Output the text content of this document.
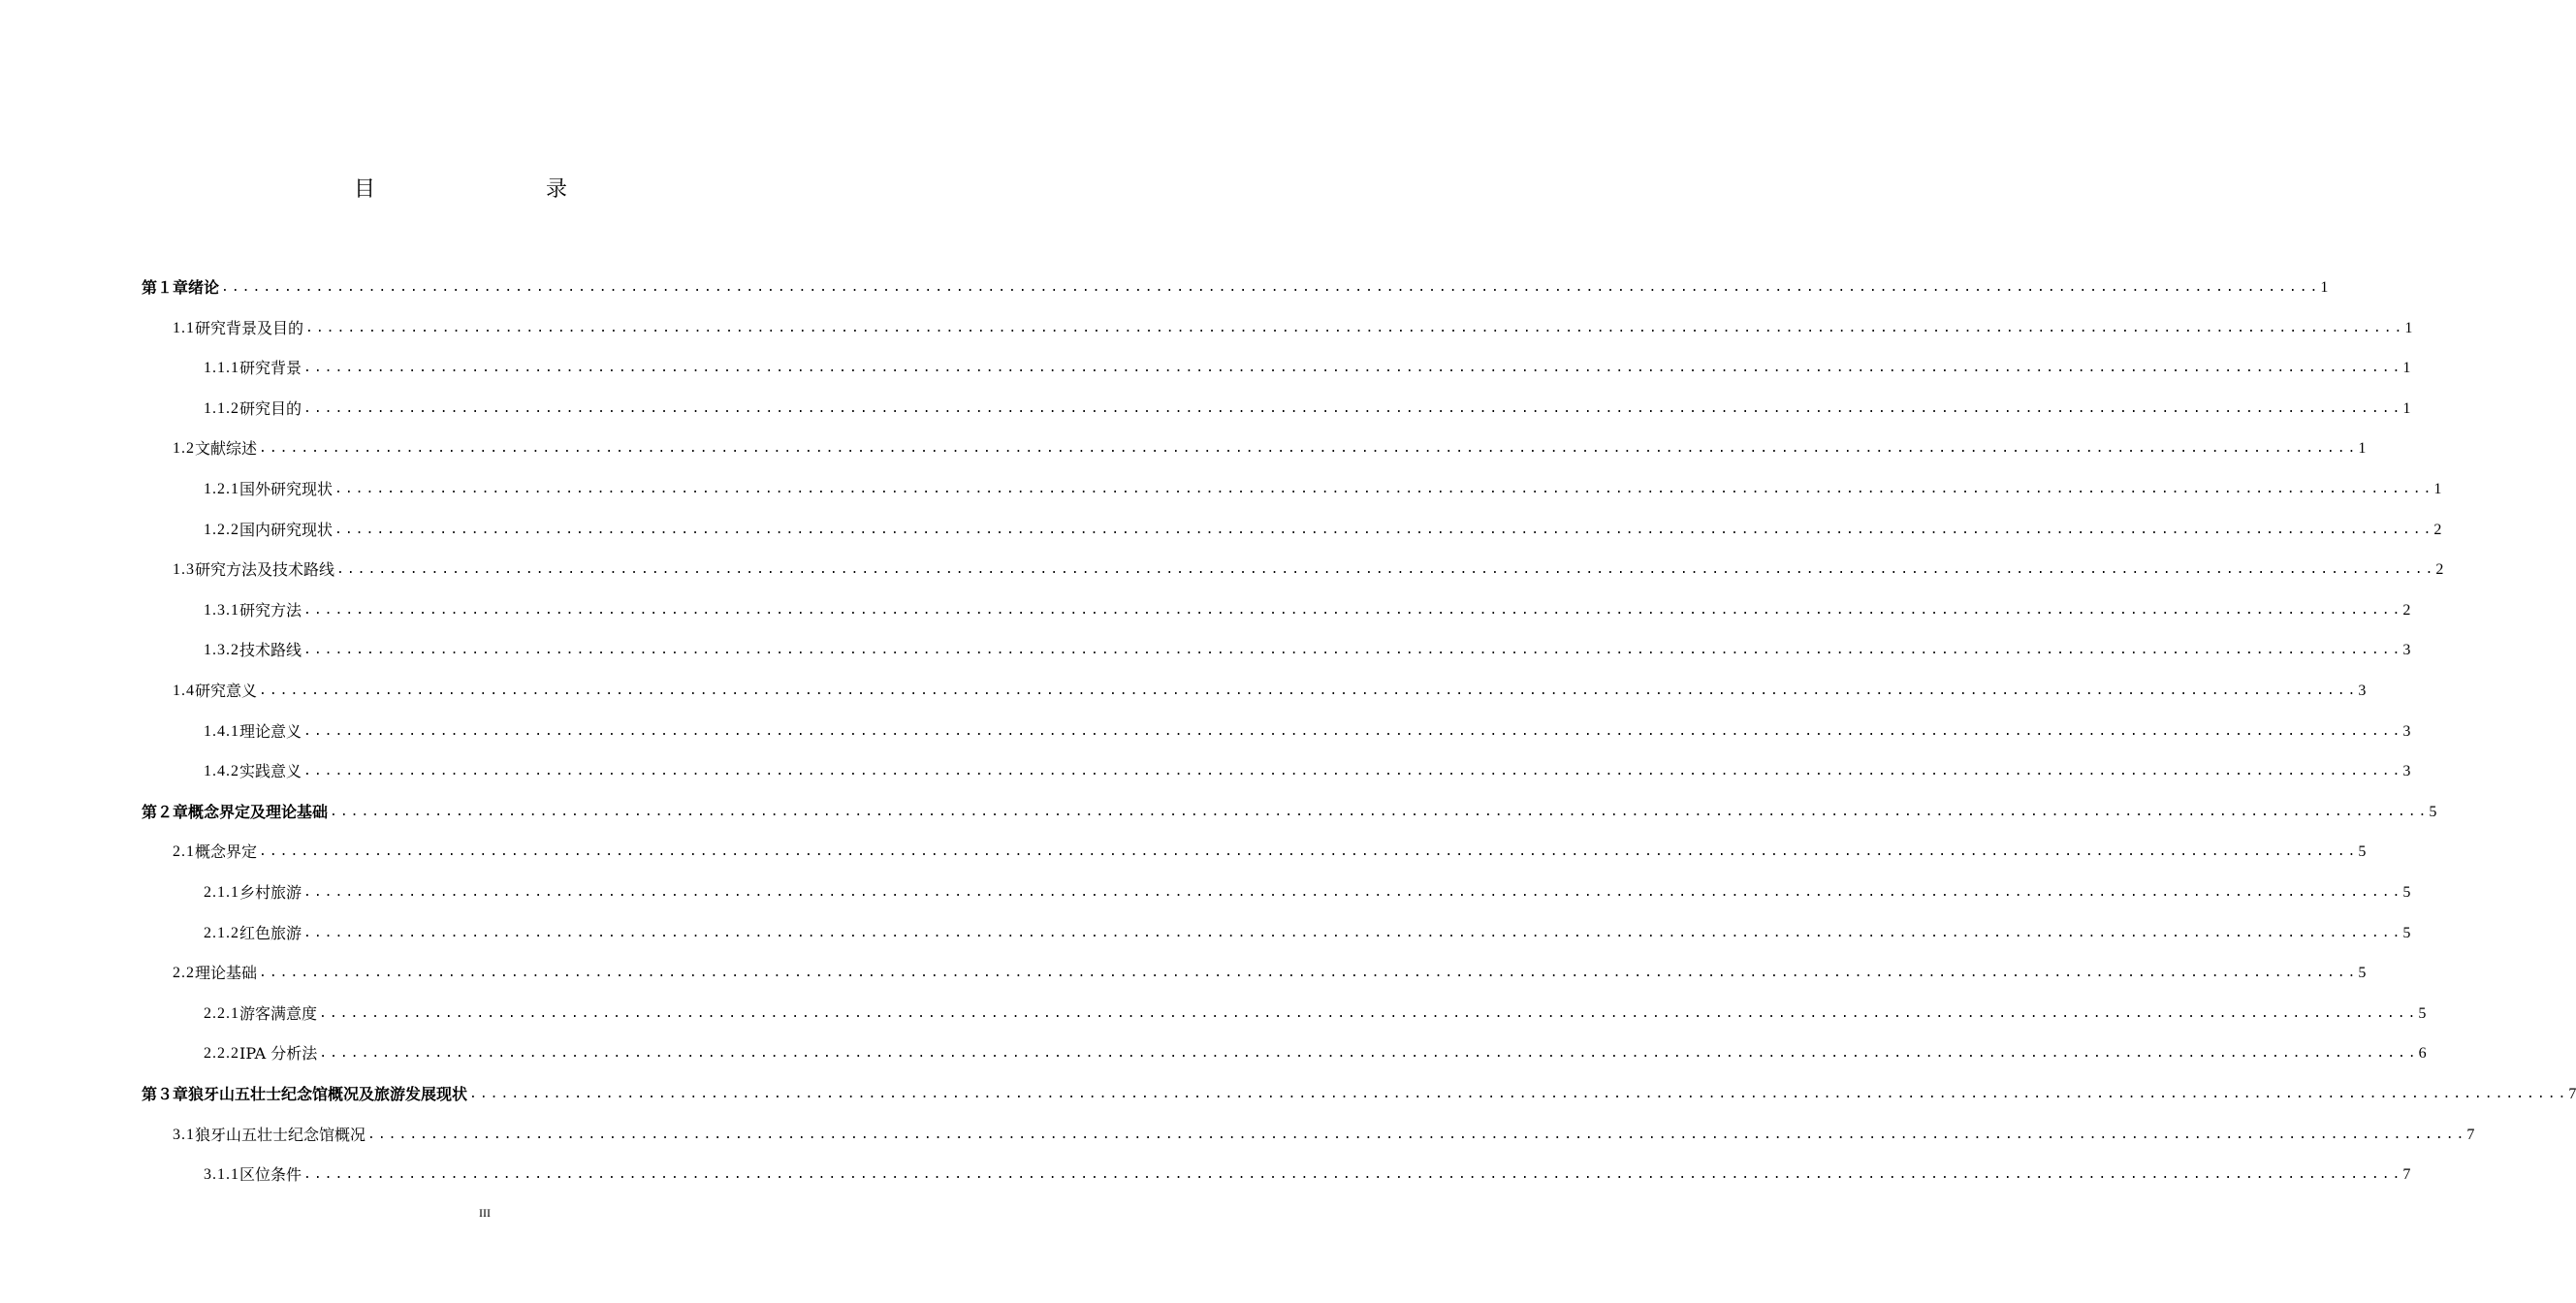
目　　录
第１章 绪论 ........................................................................................................................................................................................................ 1
1.1 研究背景及目的 ........................................................................................................................................................................................................ 1
1.1.1 研究背景 ........................................................................................................................................................................................................ 1
1.1.2 研究目的 ........................................................................................................................................................................................................ 1
1.2 文献综述 ........................................................................................................................................................................................................ 1
1.2.1 国外研究现状 ........................................................................................................................................................................................................ 1
1.2.2 国内研究现状 ........................................................................................................................................................................................................ 2
1.3 研究方法及技术路线 ........................................................................................................................................................................................................ 2
1.3.1 研究方法 ........................................................................................................................................................................................................ 2
1.3.2 技术路线 ........................................................................................................................................................................................................ 3
1.4 研究意义 ........................................................................................................................................................................................................ 3
1.4.1 理论意义 ........................................................................................................................................................................................................ 3
1.4.2 实践意义 ........................................................................................................................................................................................................ 3
第２章 概念界定及理论基础 ........................................................................................................................................................................................................ 5
2.1 概念界定 ........................................................................................................................................................................................................ 5
2.1.1 乡村旅游 ........................................................................................................................................................................................................ 5
2.1.2 红色旅游 ........................................................................................................................................................................................................ 5
2.2 理论基础 ........................................................................................................................................................................................................ 5
2.2.1 游客满意度 ........................................................................................................................................................................................................ 5
2.2.2 IPA 分析法 ........................................................................................................................................................................................................ 6
第３章 狼牙山五壮士纪念馆概况及旅游发展现状 ........................................................................................................................................................................................................ 7
3.1 狼牙山五壮士纪念馆概况 ........................................................................................................................................................................................................ 7
3.1.1 区位条件 ........................................................................................................................................................................................................ 7
III
